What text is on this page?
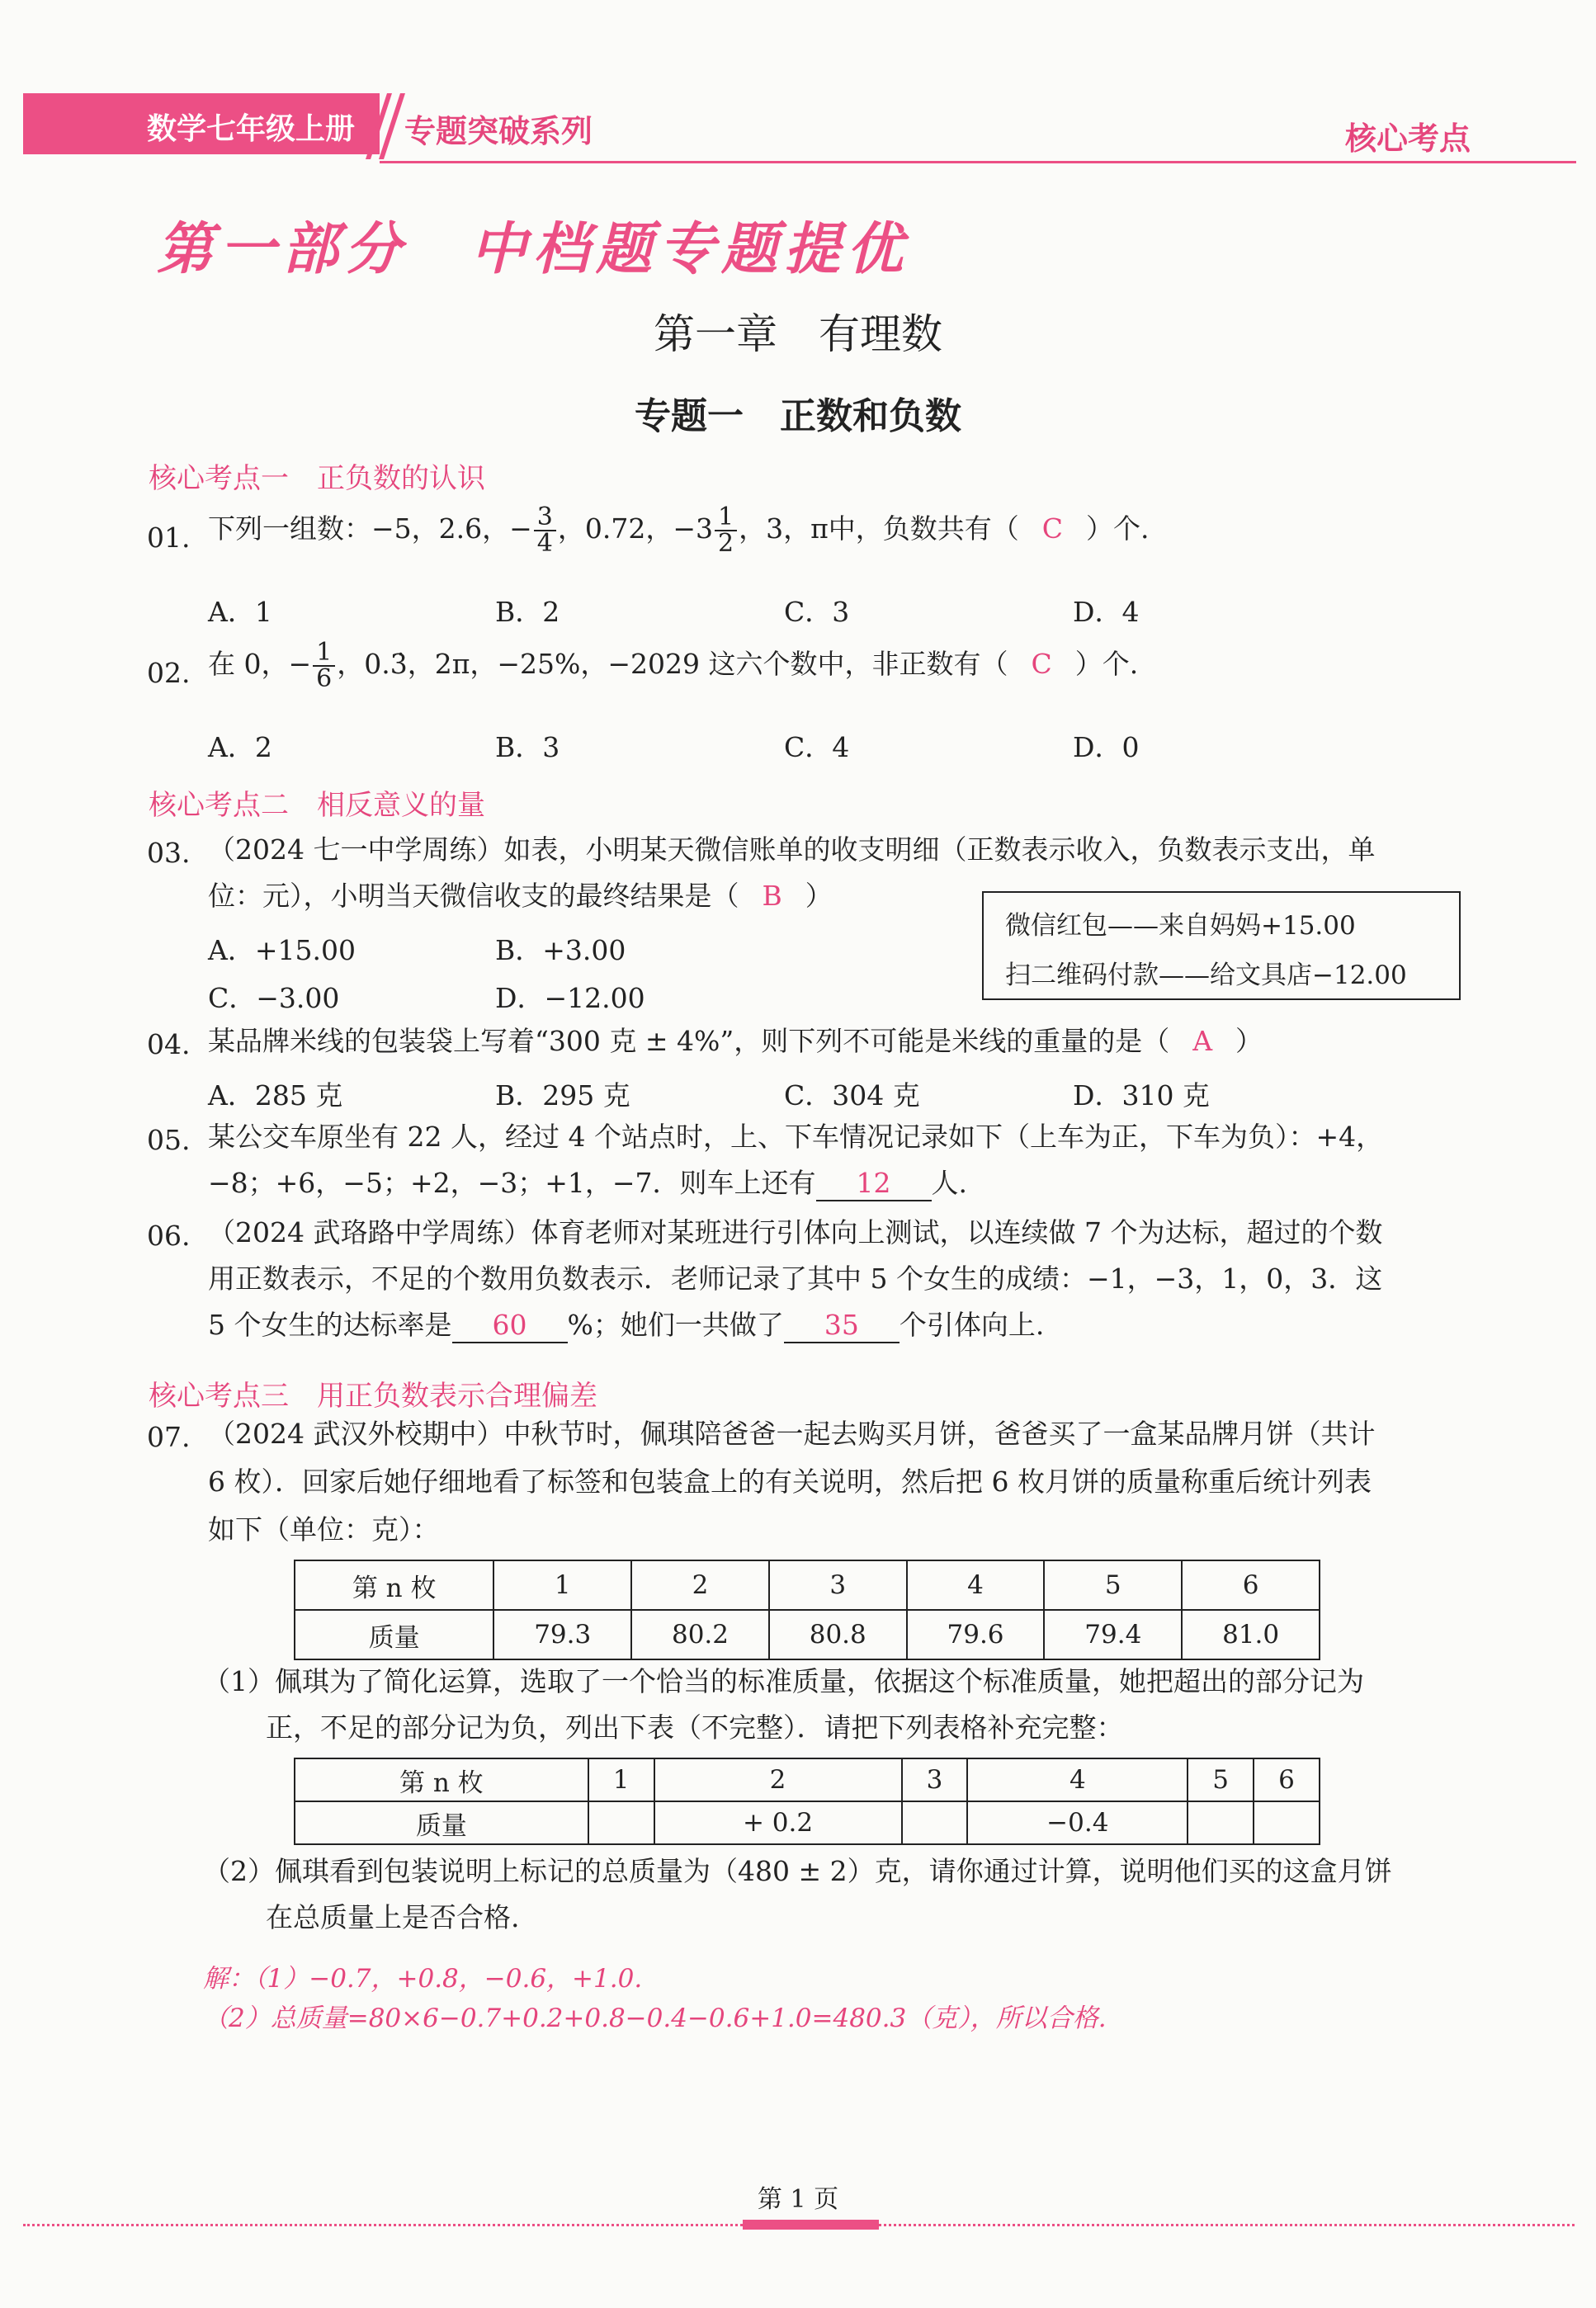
数学七年级上册 专题突破系列	核心考点
第一部分　中档题专题提优
第一章　有理数
专题一　正数和负数
核心考点一　正负数的认识
01. 下列一组数：−5，2.6，− $\frac{3}{4}$ ，0.72，$-3 \frac{1}{2}$ ，3，π中，负数共有（ C ）个.
A．1	B．2	C．3	D．4
02. 在 0，− $\frac{1}{6}$ ，0.3̇，2π，−25%，−2029 这六个数中，非正数有（ C ）个.
A．2	B．3	C．4	D．0
核心考点二　相反意义的量
03. （2024 七一中学周练）如表，小明某天微信账单的收支明细（正数表示收入，负数表示支出，单
位：元），小明当天微信收支的最终结果是（ B ）
A．+15.00	B．+3.00
C．−3.00	D．−12.00
微信红包——来自妈妈+15.00
扫二维码付款——给文具店−12.00
04. 某品牌米线的包装袋上写着“300 克 ± 4%”，则下列不可能是米线的重量的是（ A ）
A．285 克	B．295 克	C．304 克	D．310 克
05. 某公交车原坐有 22 人，经过 4 个站点时，上、下车情况记录如下（上车为正，下车为负）：+4，
−8；+6，−5；+2，−3；+1，−7．则车上还有 12 人.
06. （2024 武珞路中学周练）体育老师对某班进行引体向上测试，以连续做 7 个为达标，超过的个数
用正数表示，不足的个数用负数表示．老师记录了其中 5 个女生的成绩：−1，−3，1，0，3．这
5 个女生的达标率是 60 %；她们一共做了 35 个引体向上.
核心考点三　用正负数表示合理偏差
07. （2024 武汉外校期中）中秋节时，佩琪陪爸爸一起去购买月饼，爸爸买了一盒某品牌月饼（共计
6 枚）．回家后她仔细地看了标签和包装盒上的有关说明，然后把 6 枚月饼的质量称重后统计列表
如下（单位：克）：
第 n 枚	1	2	3	4	5	6
质量	79.3	80.2	80.8	79.6	79.4	81.0
（1）佩琪为了简化运算，选取了一个恰当的标准质量，依据这个标准质量，她把超出的部分记为
正，不足的部分记为负，列出下表（不完整）．请把下列表格补充完整：
第 n 枚	1	2	3	4	5	6
质量		+ 0.2		−0.4		
（2）佩琪看到包装说明上标记的总质量为（480 ± 2）克，请你通过计算，说明他们买的这盒月饼
在总质量上是否合格.
解：（1）−0.7，+0.8，−0.6，+1.0.
（2）总质量=80×6−0.7+0.2+0.8−0.4−0.6+1.0=480.3（克），所以合格.
第 1 页
